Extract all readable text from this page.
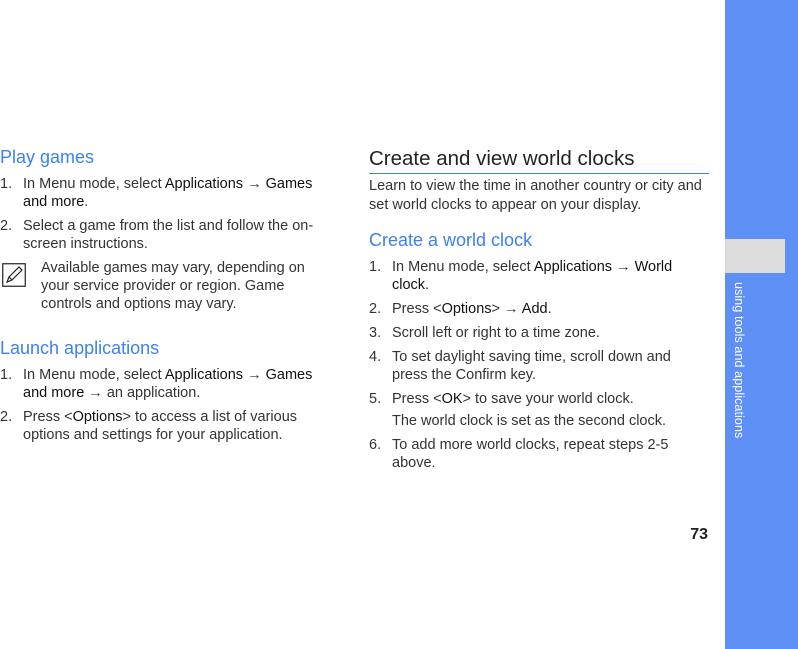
using tools and applications
Play games
1. In Menu mode, select Applications → Games and more.
2. Select a game from the list and follow the on-screen instructions.
Available games may vary, depending on your service provider or region. Game controls and options may vary.
Launch applications
1. In Menu mode, select Applications → Games and more → an application.
2. Press <Options> to access a list of various options and settings for your application.
Create and view world clocks

Learn to view the time in another country or city and set world clocks to appear on your display.

Create a world clock
1. In Menu mode, select Applications → World clock.
2. Press <Options> → Add.
3. Scroll left or right to a time zone.
4. To set daylight saving time, scroll down and press the Confirm key.
5. Press <OK> to save your world clock.
The world clock is set as the second clock.
6. To add more world clocks, repeat steps 2-5 above.
73
